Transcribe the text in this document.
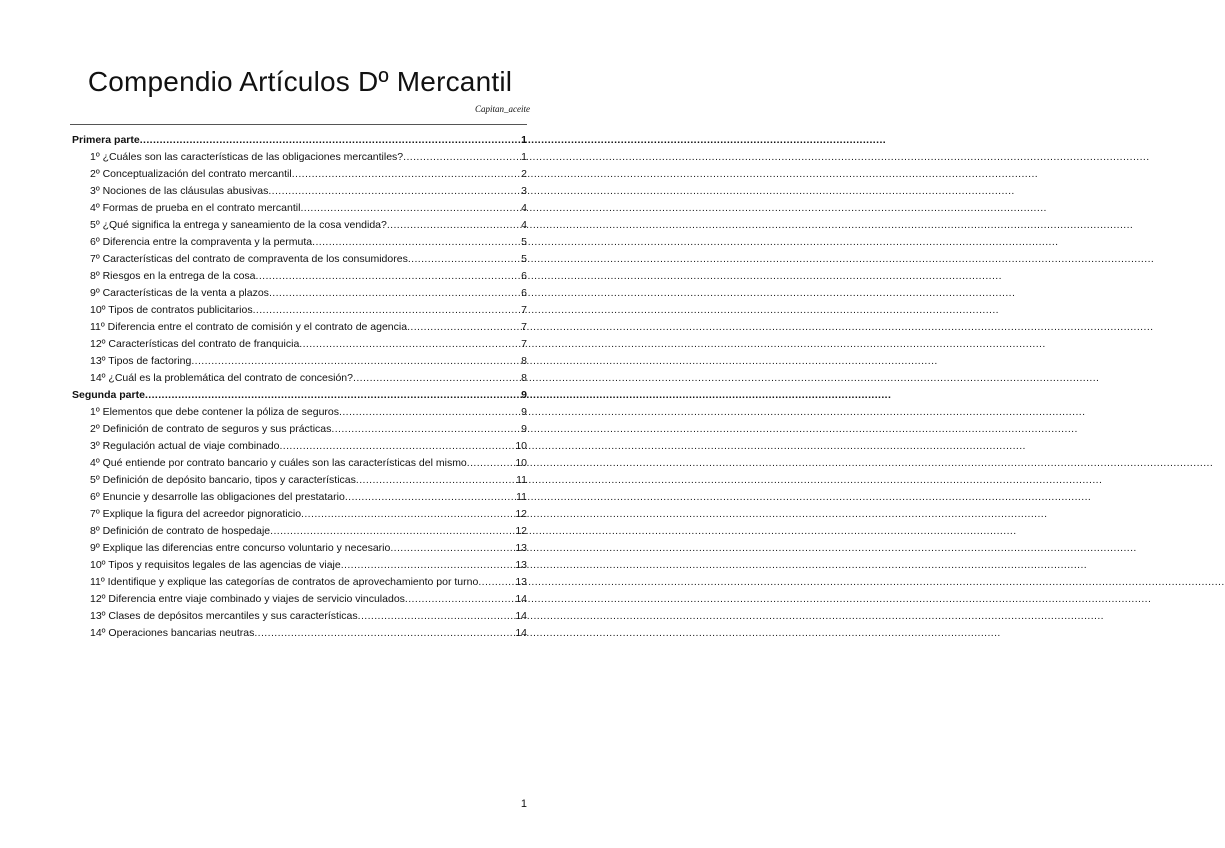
Compendio Artículos Dº Mercantil
Capitan_aceite
Primera parte .....	1
1º ¿Cuáles son las características de las obligaciones mercantiles? .....	1
2º Conceptualización del contrato mercantil .....	2
3º Nociones de las cláusulas abusivas .....	3
4º Formas de prueba en el contrato mercantil .....	4
5º ¿Qué significa la entrega y saneamiento de la cosa vendida? .....	4
6º Diferencia entre la compraventa y la permuta .....	5
7º Características del contrato de compraventa de los consumidores .....	5
8º Riesgos en la entrega de la cosa .....	6
9º Características de la venta a plazos .....	6
10º Tipos de contratos publicitarios .....	7
11º Diferencia entre el contrato de comisión y el contrato de agencia .....	7
12º Características del contrato de franquicia .....	7
13º Tipos de factoring .....	8
14º ¿Cuál es la problemática del contrato de concesión? .....	8
Segunda parte .....	9
1º Elementos que debe contener la póliza de seguros .....	9
2º Definición de contrato de seguros y sus prácticas .....	9
3º Regulación actual de viaje combinado .....	10
4º Qué entiende por contrato bancario y cuáles son las características del mismo .....	10
5º Definición de depósito bancario, tipos y características .....	11
6º Enuncie y desarrolle las obligaciones del prestatario .....	11
7º Explique la figura del acreedor pignoraticio .....	12
8º Definición de contrato de hospedaje .....	12
9º Explique las diferencias entre concurso voluntario y necesario .....	13
10º Tipos y requisitos legales de las agencias de viaje .....	13
11º Identifique y explique las categorías de contratos de aprovechamiento por turno .....	13
12º Diferencia entre viaje combinado y viajes de servicio vinculados .....	14
13º Clases de depósitos mercantiles y sus características .....	14
14º Operaciones bancarias neutras .....	14
1
